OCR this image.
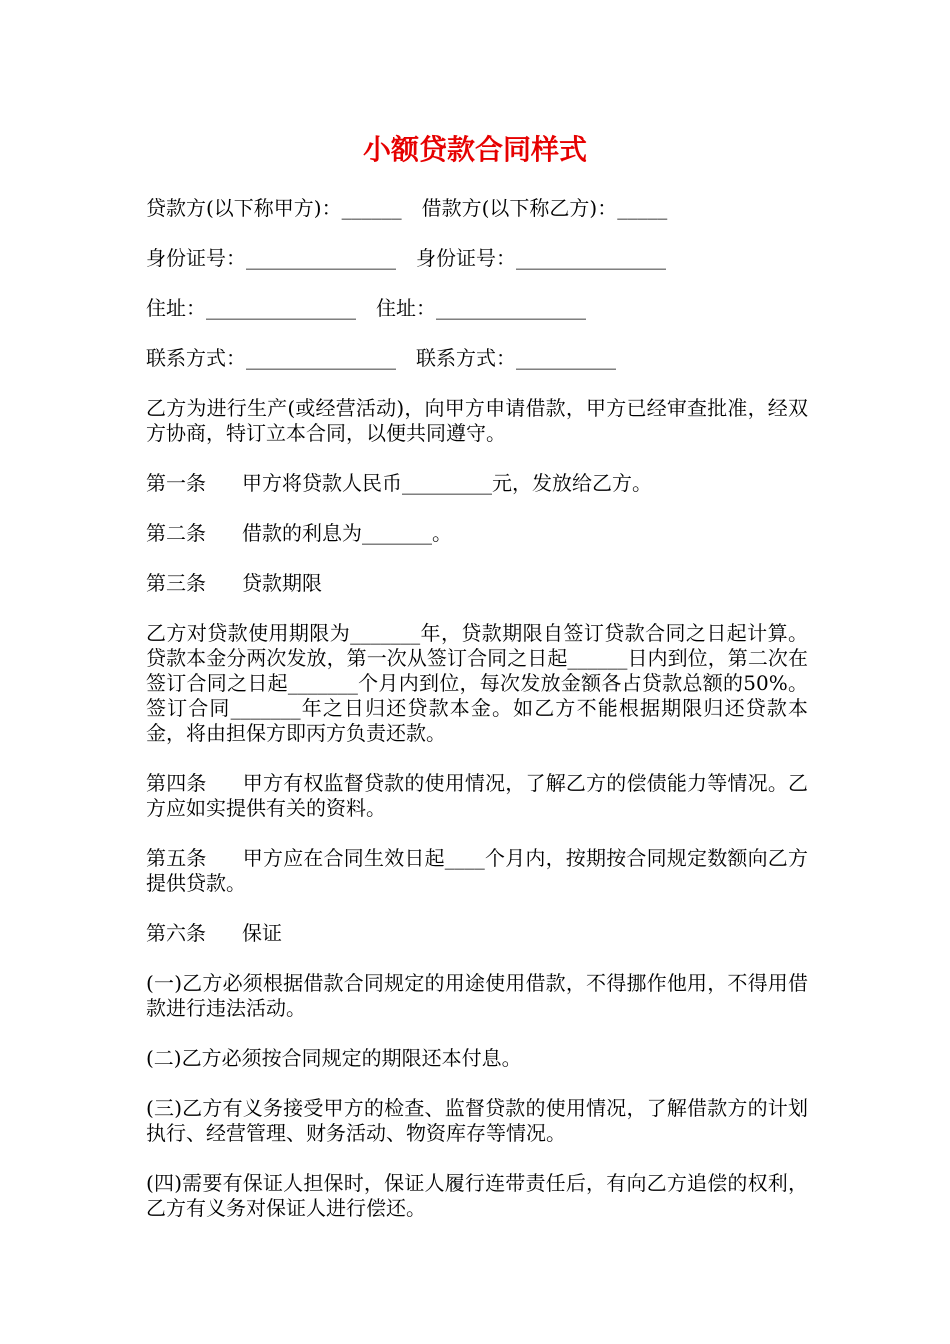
小额贷款合同样式

贷款方(以下称甲方)：______ 借款方(以下称乙方)：_____

身份证号：_______________ 身份证号：_______________

住址：_______________ 住址：_______________

联系方式：_______________ 联系方式：__________

乙方为进行生产(或经营活动)，向甲方申请借款，甲方已经审查批准，经双方协商，特订立本合同，以便共同遵守。

第一条 甲方将贷款人民币_________元，发放给乙方。

第二条 借款的利息为_______。

第三条 贷款期限

乙方对贷款使用期限为_______年，贷款期限自签订贷款合同之日起计算。贷款本金分两次发放，第一次从签订合同之日起______日内到位，第二次在签订合同之日起_______个月内到位，每次发放金额各占贷款总额的50%。签订合同_______年之日归还贷款本金。如乙方不能根据期限归还贷款本金，将由担保方即丙方负责还款。

第四条 甲方有权监督贷款的使用情况，了解乙方的偿债能力等情况。乙方应如实提供有关的资料。

第五条 甲方应在合同生效日起____个月内，按期按合同规定数额向乙方提供贷款。

第六条 保证

(一)乙方必须根据借款合同规定的用途使用借款，不得挪作他用，不得用借款进行违法活动。

(二)乙方必须按合同规定的期限还本付息。

(三)乙方有义务接受甲方的检查、监督贷款的使用情况，了解借款方的计划执行、经营管理、财务活动、物资库存等情况。

(四)需要有保证人担保时，保证人履行连带责任后，有向乙方追偿的权利，乙方有义务对保证人进行偿还。
